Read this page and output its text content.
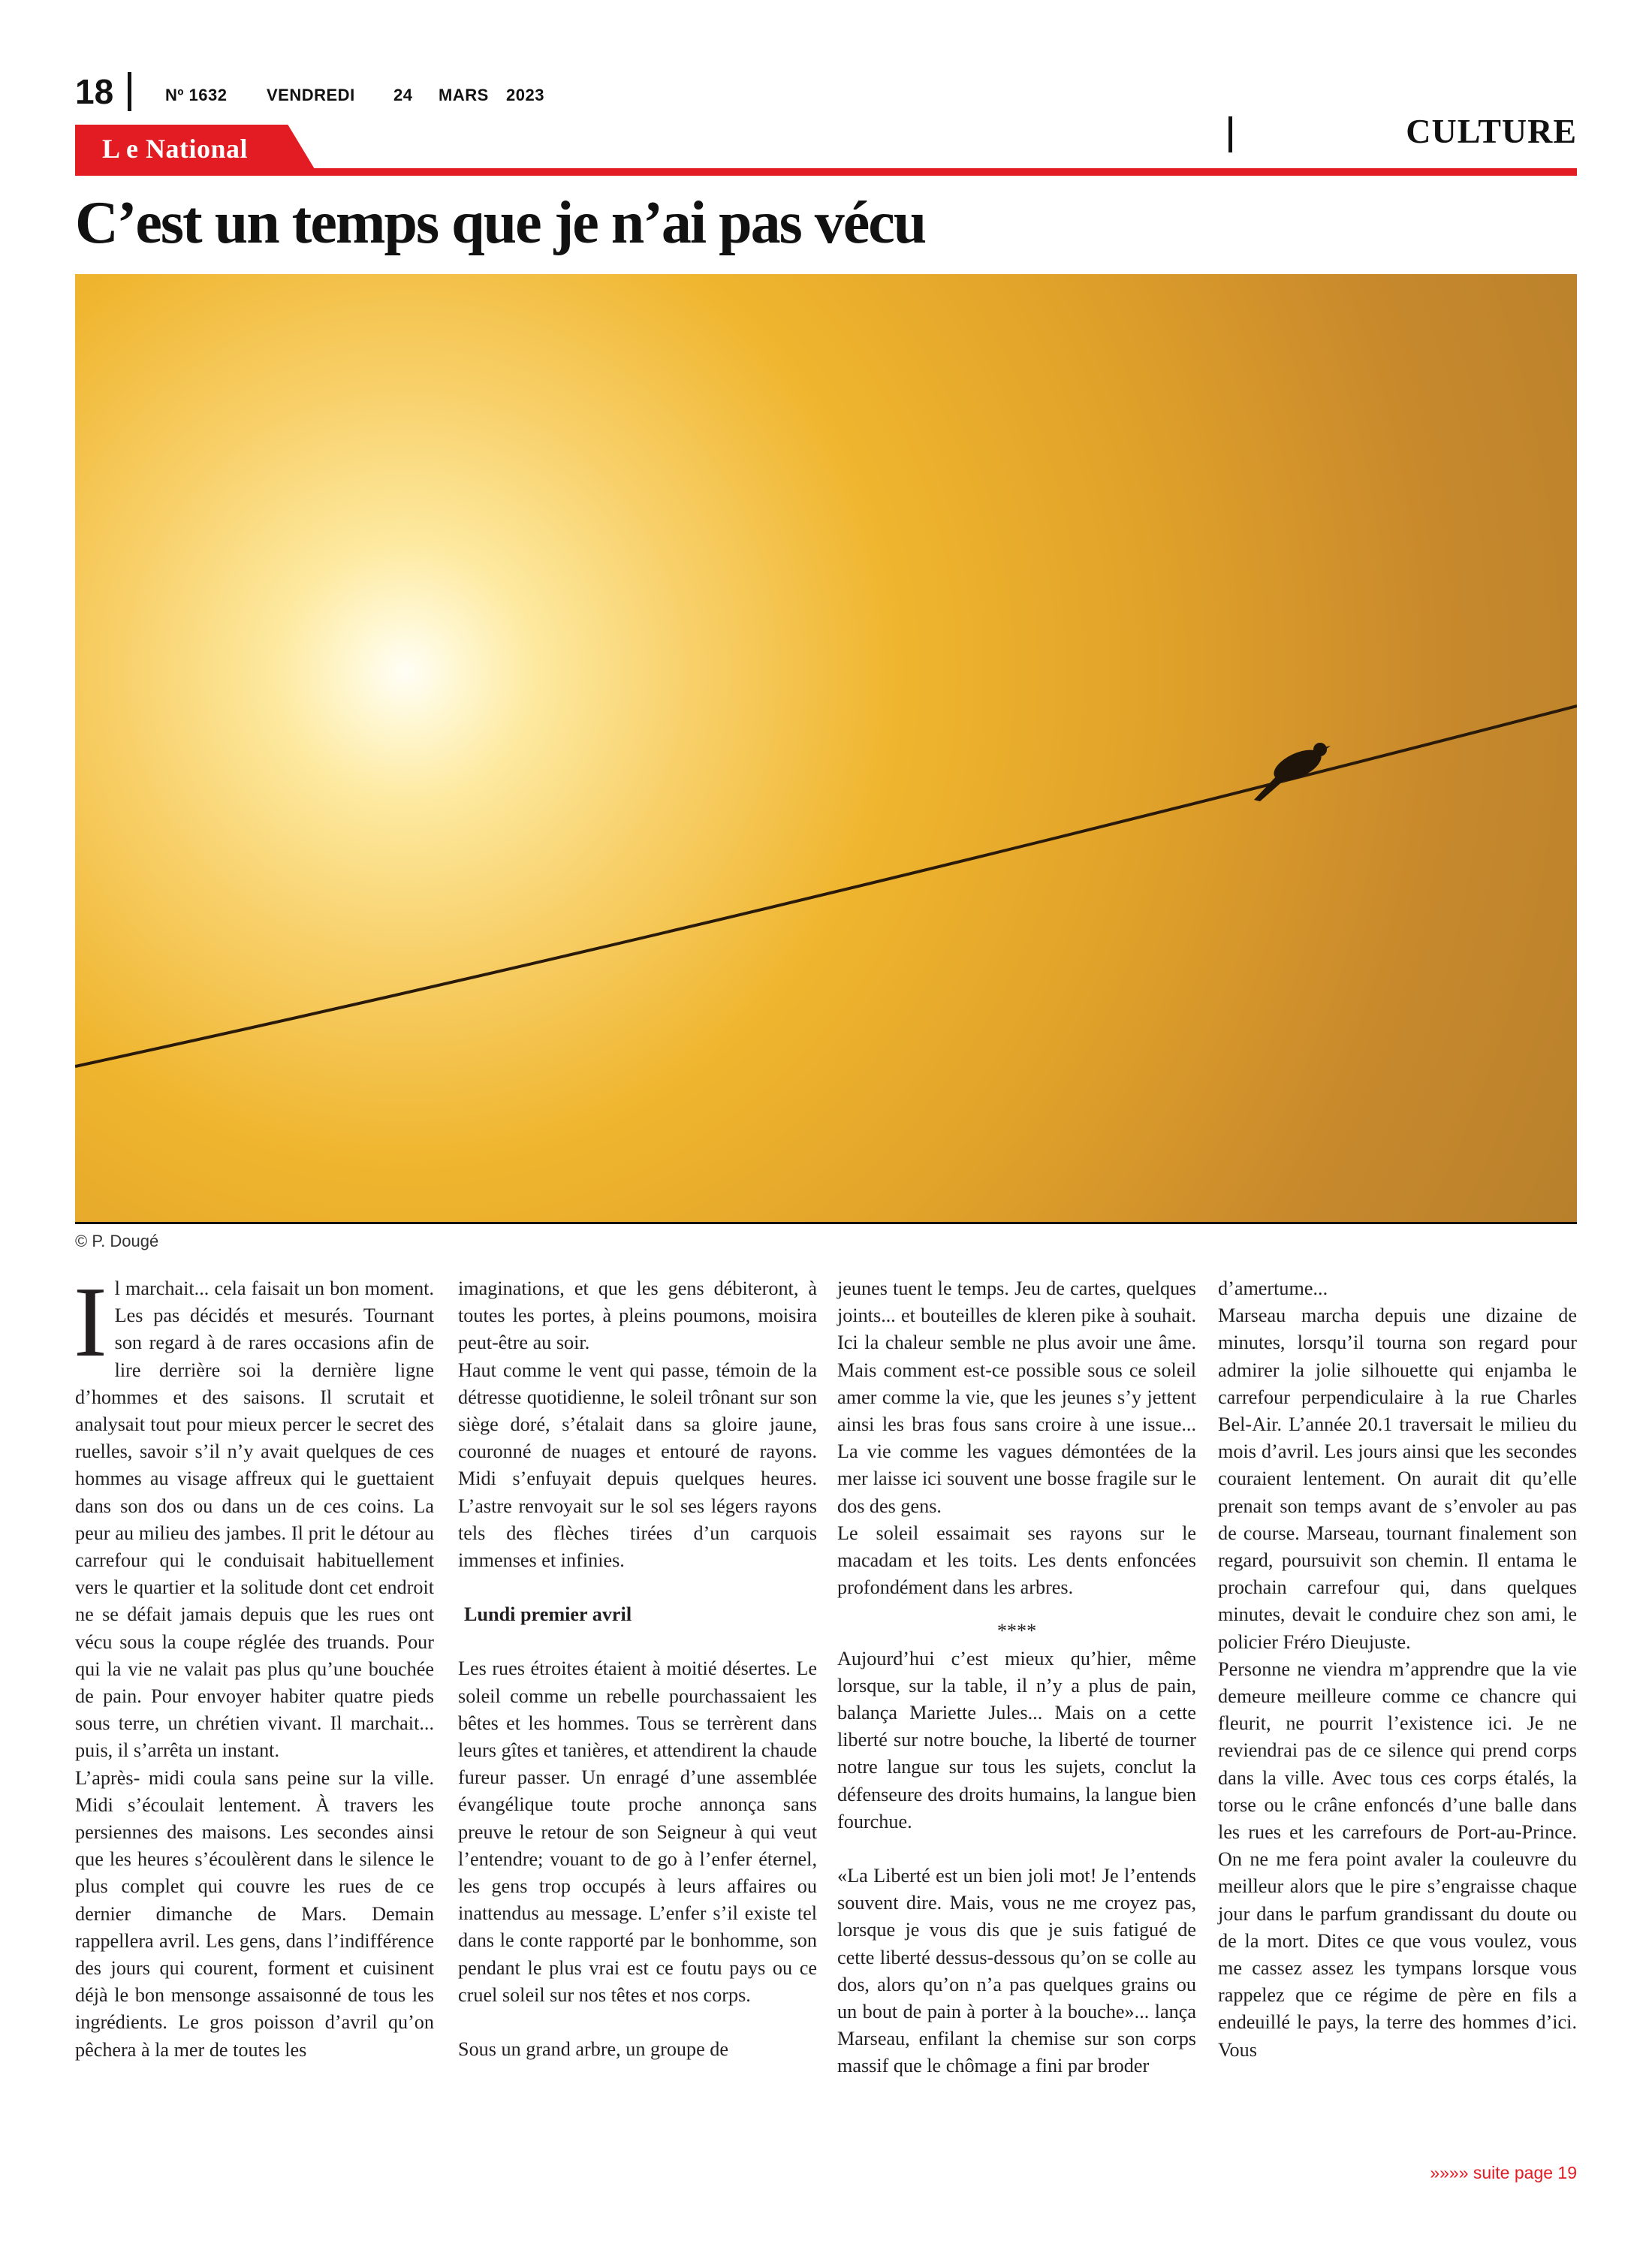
18	Nº 1632 VENDREDI 24 MARS 2023
L e National	CULTURE
C’est un temps que je n’ai pas vécu
© P. Dougé

Il marchait... cela faisait un bon moment. Les pas décidés et mesurés. Tournant son regard à de rares occasions afin de lire derrière soi la dernière ligne d’hommes et des saisons. Il scrutait et analysait tout pour mieux percer le secret des ruelles, savoir s’il n’y avait quelques de ces hommes au visage affreux qui le guettaient dans son dos ou dans un de ces coins. La peur au milieu des jambes. Il prit le détour au carrefour qui le conduisait habituellement vers le quartier et la solitude dont cet endroit ne se défait jamais depuis que les rues ont vécu sous la coupe réglée des truands. Pour qui la vie ne valait pas plus qu’une bouchée de pain. Pour envoyer habiter quatre pieds sous terre, un chrétien vivant. Il marchait... puis, il s’arrêta un instant.

L’après- midi coula sans peine sur la ville. Midi s’écoulait lentement. À travers les persiennes des maisons. Les secondes ainsi que les heures s’écoulèrent dans le silence le plus complet qui couvre les rues de ce dernier dimanche de Mars. Demain rappellera avril. Les gens, dans l’indifférence des jours qui courent, forment et cuisinent déjà le bon mensonge assaisonné de tous les ingrédients. Le gros poisson d’avril qu’on pêchera à la mer de toutes les

imaginations, et que les gens débiteront, à toutes les portes, à pleins poumons, moisira peut-être au soir.

Haut comme le vent qui passe, témoin de la détresse quotidienne, le soleil trônant sur son siège doré, s’étalait dans sa gloire jaune, couronné de nuages et entouré de rayons. Midi s’enfuyait depuis quelques heures. L’astre renvoyait sur le sol ses légers rayons tels des flèches tirées d’un carquois immenses et infinies.

Lundi premier avril

Les rues étroites étaient à moitié désertes. Le soleil comme un rebelle pourchassaient les bêtes et les hommes. Tous se terrèrent dans leurs gîtes et tanières, et attendirent la chaude fureur passer. Un enragé d’une assemblée évangélique toute proche annonça sans preuve le retour de son Seigneur à qui veut l’entendre; vouant to de go à l’enfer éternel, les gens trop occupés à leurs affaires ou inattendus au message. L’enfer s’il existe tel dans le conte rapporté par le bonhomme, son pendant le plus vrai est ce foutu pays ou ce cruel soleil sur nos têtes et nos corps.

Sous un grand arbre, un groupe de

jeunes tuent le temps. Jeu de cartes, quelques joints... et bouteilles de kleren pike à souhait. Ici la chaleur semble ne plus avoir une âme. Mais comment est-ce possible sous ce soleil amer comme la vie, que les jeunes s’y jettent ainsi les bras fous sans croire à une issue... La vie comme les vagues démontées de la mer laisse ici souvent une bosse fragile sur le dos des gens.

Le soleil essaimait ses rayons sur le macadam et les toits. Les dents enfoncées profondément dans les arbres.

****

Aujourd’hui c’est mieux qu’hier, même lorsque, sur la table, il n’y a plus de pain, balança Mariette Jules... Mais on a cette liberté sur notre bouche, la liberté de tourner notre langue sur tous les sujets, conclut la défenseure des droits humains, la langue bien fourchue.

«La Liberté est un bien joli mot! Je l’entends souvent dire. Mais, vous ne me croyez pas, lorsque je vous dis que je suis fatigué de cette liberté dessus-dessous qu’on se colle au dos, alors qu’on n’a pas quelques grains ou un bout de pain à porter à la bouche»... lança Marseau, enfilant la chemise sur son corps massif que le chômage a fini par broder

d’amertume...

Marseau marcha depuis une dizaine de minutes, lorsqu’il tourna son regard pour admirer la jolie silhouette qui enjamba le carrefour perpendiculaire à la rue Charles Bel-Air. L’année 20.1 traversait le milieu du mois d’avril. Les jours ainsi que les secondes couraient lentement. On aurait dit qu’elle prenait son temps avant de s’envoler au pas de course. Marseau, tournant finalement son regard, poursuivit son chemin. Il entama le prochain carrefour qui, dans quelques minutes, devait le conduire chez son ami, le policier Fréro Dieujuste.

Personne ne viendra m’apprendre que la vie demeure meilleure comme ce chancre qui fleurit, ne pourrit l’existence ici. Je ne reviendrai pas de ce silence qui prend corps dans la ville. Avec tous ces corps étalés, la torse ou le crâne enfoncés d’une balle dans les rues et les carrefours de Port-au-Prince. On ne me fera point avaler la couleuvre du meilleur alors que le pire s’engraisse chaque jour dans le parfum grandissant du doute ou de la mort. Dites ce que vous voulez, vous me cassez assez les tympans lorsque vous rappelez que ce régime de père en fils a endeuillé le pays, la terre des hommes d’ici. Vous

»»»» suite page 19
